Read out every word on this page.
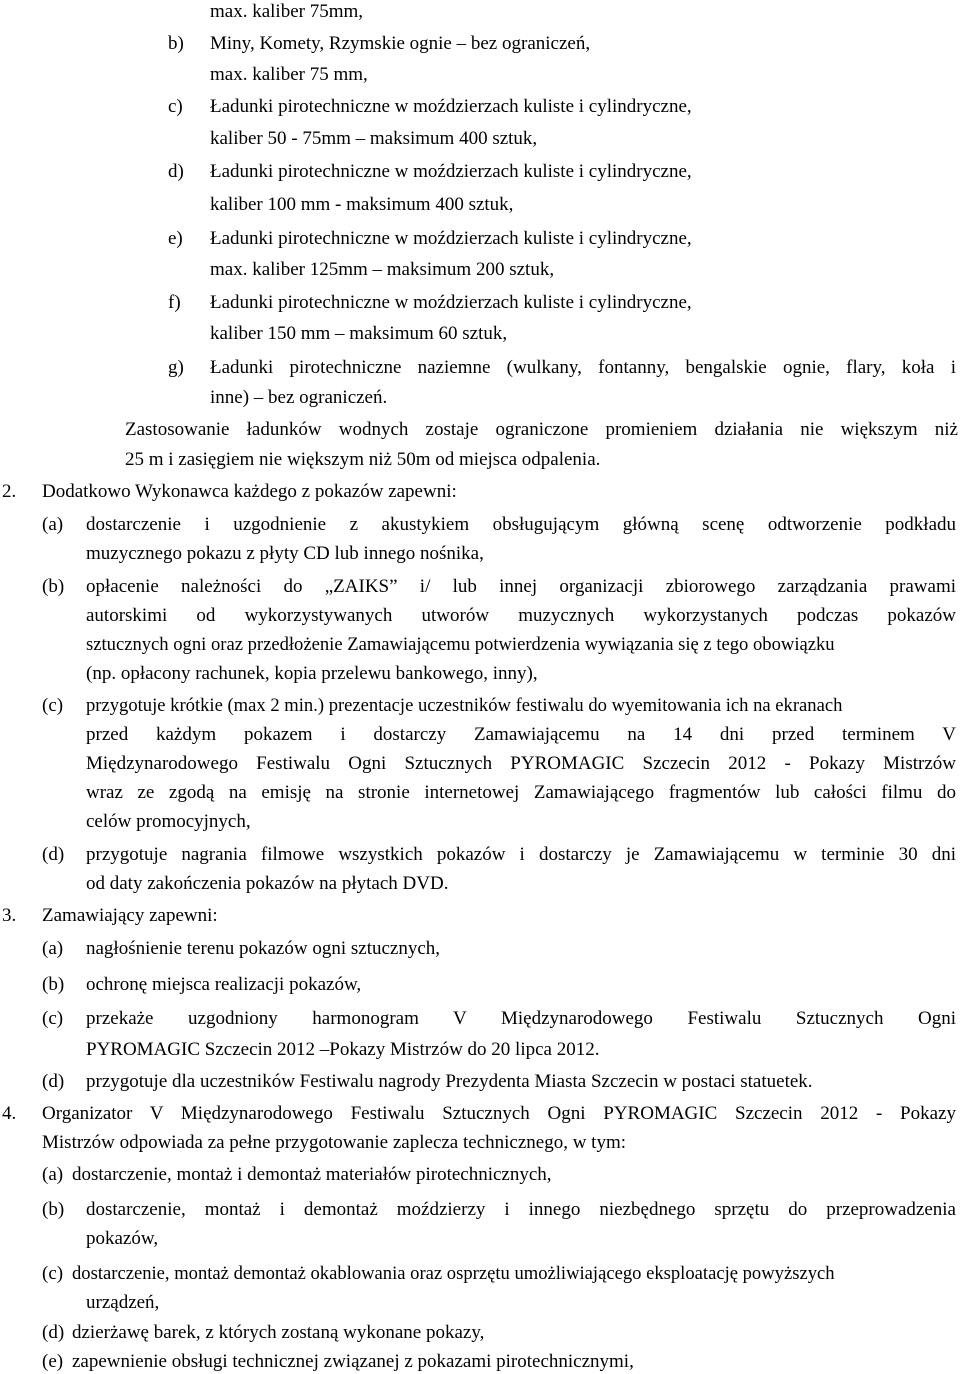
max. kaliber 75mm,
b) Miny, Komety, Rzymskie ognie – bez ograniczeń,
max. kaliber 75 mm,
c) Ładunki pirotechniczne w moździerzach kuliste i cylindryczne,
kaliber 50 - 75mm – maksimum 400 sztuk,
d) Ładunki pirotechniczne w moździerzach kuliste i cylindryczne,
kaliber 100 mm - maksimum 400 sztuk,
e) Ładunki pirotechniczne w moździerzach kuliste i cylindryczne,
max. kaliber 125mm – maksimum 200 sztuk,
f) Ładunki pirotechniczne w moździerzach kuliste i cylindryczne,
kaliber 150 mm – maksimum 60 sztuk,
g) Ładunki pirotechniczne naziemne (wulkany, fontanny, bengalskie ognie, flary, koła i
inne) – bez ograniczeń.
Zastosowanie ładunków wodnych zostaje ograniczone promieniem działania nie większym niż
25 m i zasięgiem nie większym niż 50m od miejsca odpalenia.
2. Dodatkowo Wykonawca każdego z pokazów zapewni:
(a) dostarczenie i uzgodnienie z akustykiem obsługującym główną scenę odtworzenie podkładu
muzycznego pokazu z płyty CD lub innego nośnika,
(b) opłacenie należności do „ZAIKS” i/ lub innej organizacji zbiorowego zarządzania prawami
autorskimi od wykorzystywanych utworów muzycznych wykorzystanych podczas pokazów
sztucznych ogni oraz przedłożenie Zamawiającemu potwierdzenia wywiązania się z tego obowiązku
(np. opłacony rachunek, kopia przelewu bankowego, inny),
(c) przygotuje krótkie (max 2 min.) prezentacje uczestników festiwalu do wyemitowania ich na ekranach
przed każdym pokazem i dostarczy Zamawiającemu na 14 dni przed terminem V
Międzynarodowego Festiwalu Ogni Sztucznych PYROMAGIC Szczecin 2012 - Pokazy Mistrzów
wraz ze zgodą na emisję na stronie internetowej Zamawiającego fragmentów lub całości filmu do
celów promocyjnych,
(d) przygotuje nagrania filmowe wszystkich pokazów i dostarczy je Zamawiającemu w terminie 30 dni
od daty zakończenia pokazów na płytach DVD.
3. Zamawiający zapewni:
(a) nagłośnienie terenu pokazów ogni sztucznych,
(b) ochronę miejsca realizacji pokazów,
(c) przekaże uzgodniony harmonogram V Międzynarodowego Festiwalu Sztucznych Ogni
PYROMAGIC Szczecin 2012 –Pokazy Mistrzów do 20 lipca 2012.
(d) przygotuje dla uczestników Festiwalu nagrody Prezydenta Miasta Szczecin w postaci statuetek.
4. Organizator V Międzynarodowego Festiwalu Sztucznych Ogni PYROMAGIC Szczecin 2012 - Pokazy
Mistrzów odpowiada za pełne przygotowanie zaplecza technicznego, w tym:
(a) dostarczenie, montaż i demontaż materiałów pirotechnicznych,
(b) dostarczenie, montaż i demontaż moździerzy i innego niezbędnego sprzętu do przeprowadzenia
pokazów,
(c) dostarczenie, montaż demontaż okablowania oraz osprzętu umożliwiającego eksploatację powyższych
urządzeń,
(d) dzierżawę barek, z których zostaną wykonane pokazy,
(e) zapewnienie obsługi technicznej związanej z pokazami pirotechnicznymi,
